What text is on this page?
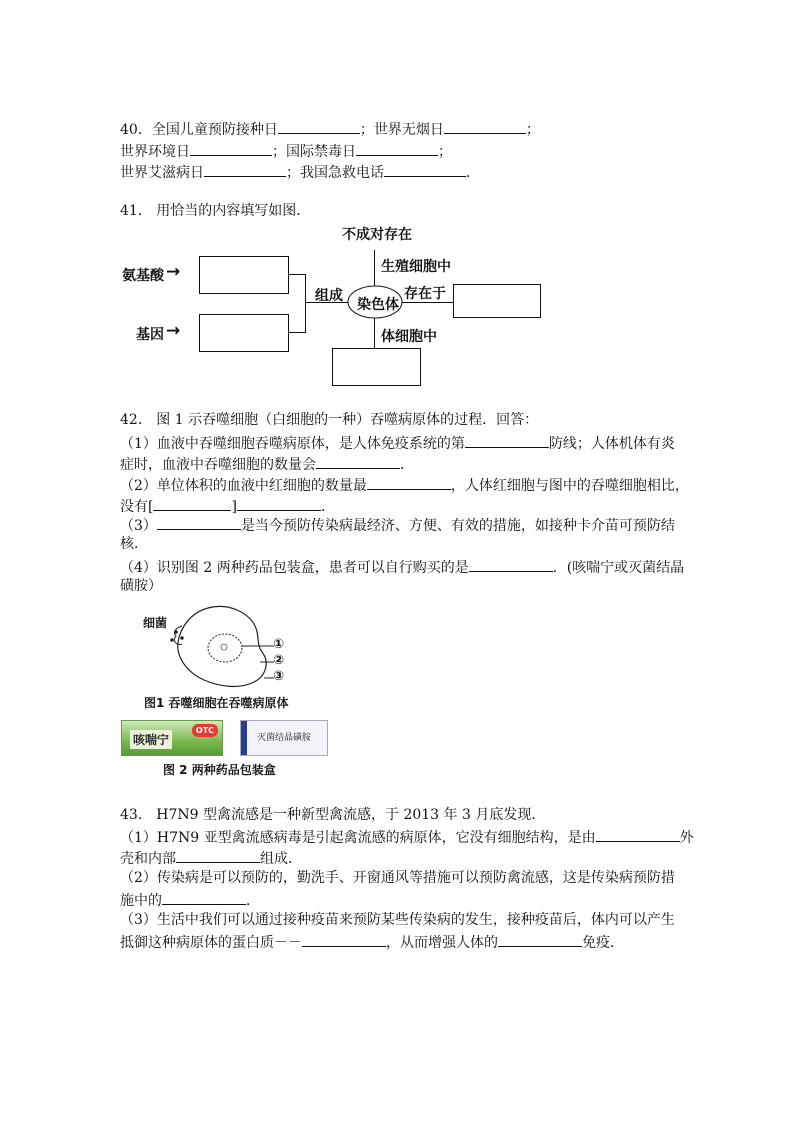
40．全国儿童预防接种日	；世界无烟日	；
世界环境日	；国际禁毒日	；
世界艾滋病日	；我国急救电话	．
41． 用恰当的内容填写如图．
不成对存在
生殖细胞中
体细胞中
氨基酸 →
基因 →
组成	存在于
染色体
42． 图 1 示吞噬细胞（白细胞的一种）吞噬病原体的过程．回答：
（1）血液中吞噬细胞吞噬病原体，是人体免疫系统的第	防线；人体机体有炎
症时，血液中吞噬细胞的数量会	．
（2）单位体积的血液中红细胞的数量最	，人体红细胞与图中的吞噬细胞相比，
没有[	]	．
（3）	是当今预防传染病最经济、方便、有效的措施，如接种卡介苗可预防结
核．
（4）识别图 2 两种药品包装盒，患者可以自行购买的是	．(咳喘宁或灭菌结晶
磺胺）
细菌
①
②
③
图1 吞噬细胞在吞噬病原体
咳喘宁
OTC
灭菌结晶磺胺
图 2 两种药品包装盒
43． H7N9 型禽流感是一种新型禽流感，于 2013 年 3 月底发现．
（1）H7N9 亚型禽流感病毒是引起禽流感的病原体，它没有细胞结构，是由	外
壳和内部	组成．
（2）传染病是可以预防的，勤洗手、开窗通风等措施可以预防禽流感，这是传染病预防措
施中的	．
（3）生活中我们可以通过接种疫苗来预防某些传染病的发生，接种疫苗后，体内可以产生
抵御这种病原体的蛋白质－－	，从而增强人体的	免疫．
